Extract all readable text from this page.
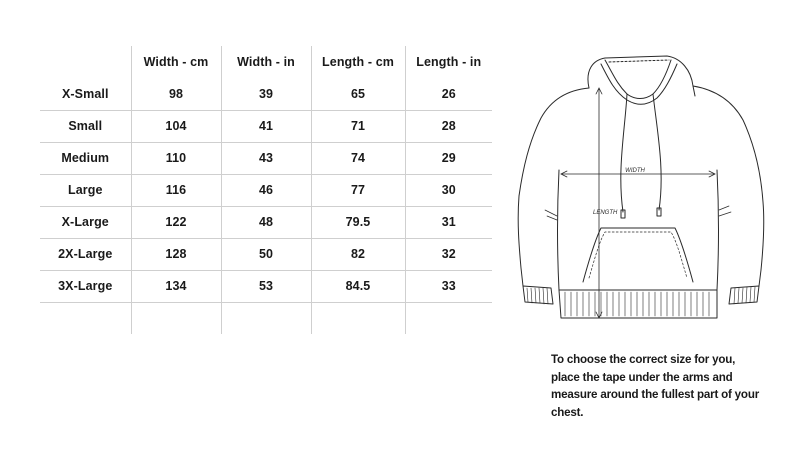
	Width - cm	Width - in	Length - cm	Length - in
X-Small	98	39	65	26
Small	104	41	71	28
Medium	110	43	74	29
Large	116	46	77	30
X-Large	122	48	79.5	31
2X-Large	128	50	82	32
3X-Large	134	53	84.5	33

WIDTH
LENGTH

To choose the correct size for you, place the tape under the arms and measure around the fullest part of your chest.
